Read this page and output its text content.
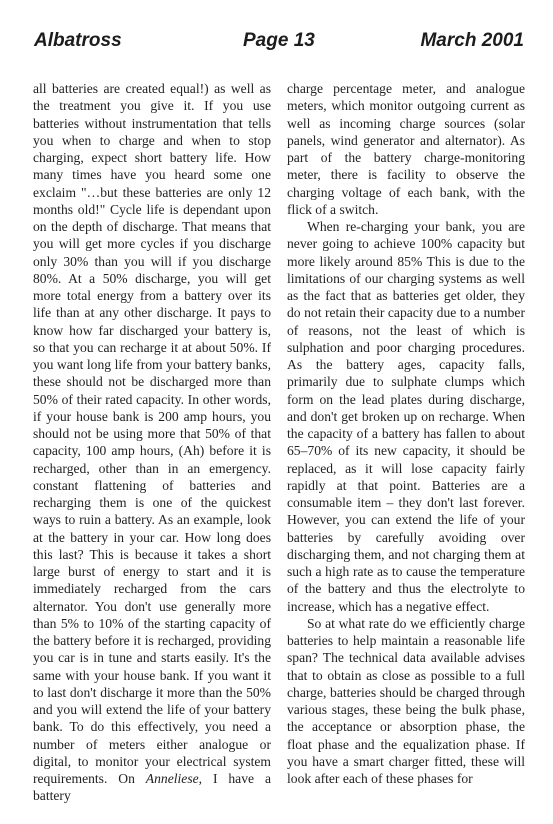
Albatross	Page 13	March 2001

all batteries are created equal!) as well as the treatment you give it. If you use batteries without instrumentation that tells you when to charge and when to stop charging, expect short battery life. How many times have you heard some one exclaim "…but these batteries are only 12 months old!" Cycle life is dependant upon on the depth of discharge. That means that you will get more cycles if you discharge only 30% than you will if you discharge 80%. At a 50% discharge, you will get more total energy from a battery over its life than at any other discharge. It pays to know how far discharged your battery is, so that you can recharge it at about 50%. If you want long life from your battery banks, these should not be discharged more than 50% of their rated capacity. In other words, if your house bank is 200 amp hours, you should not be using more that 50% of that capacity, 100 amp hours, (Ah) before it is recharged, other than in an emergency. constant flattening of batteries and recharging them is one of the quickest ways to ruin a battery. As an example, look at the battery in your car. How long does this last? This is because it takes a short large burst of energy to start and it is immediately recharged from the cars alternator. You don't use generally more than 5% to 10% of the starting capacity of the battery before it is recharged, providing you car is in tune and starts easily. It's the same with your house bank. If you want it to last don't discharge it more than the 50% and you will extend the life of your battery bank. To do this effectively, you need a number of meters either analogue or digital, to monitor your electrical system requirements. On Anneliese, I have a battery

charge percentage meter, and analogue meters, which monitor outgoing current as well as incoming charge sources (solar panels, wind generator and alternator). As part of the battery charge-monitoring meter, there is facility to observe the charging voltage of each bank, with the flick of a switch.

When re-charging your bank, you are never going to achieve 100% capacity but more likely around 85% This is due to the limitations of our charging systems as well as the fact that as batteries get older, they do not retain their capacity due to a number of reasons, not the least of which is sulphation and poor charging procedures. As the battery ages, capacity falls, primarily due to sulphate clumps which form on the lead plates during discharge, and don't get broken up on recharge. When the capacity of a battery has fallen to about 65–70% of its new capacity, it should be replaced, as it will lose capacity fairly rapidly at that point. Batteries are a consumable item – they don't last forever. However, you can extend the life of your batteries by carefully avoiding over discharging them, and not charging them at such a high rate as to cause the temperature of the battery and thus the electrolyte to increase, which has a negative effect.

So at what rate do we efficiently charge batteries to help maintain a reasonable life span? The technical data available advises that to obtain as close as possible to a full charge, batteries should be charged through various stages, these being the bulk phase, the acceptance or absorption phase, the float phase and the equalization phase. If you have a smart charger fitted, these will look after each of these phases for
